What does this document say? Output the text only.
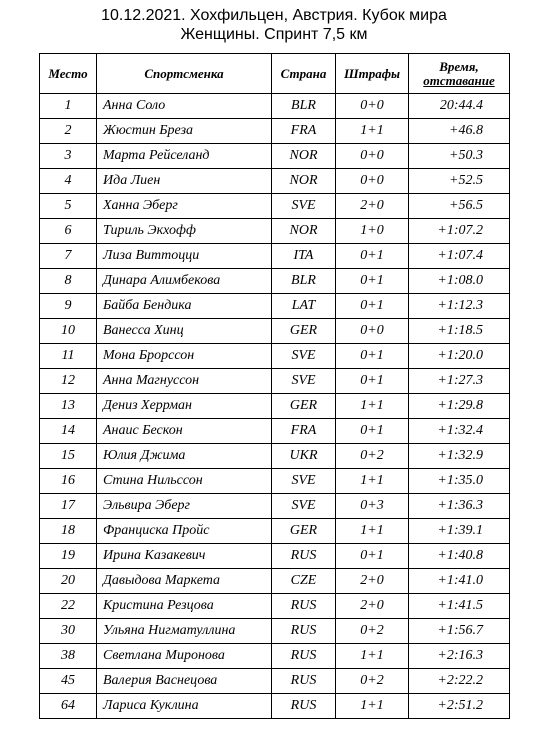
10.12.2021. Хохфильцен, Австрия. Кубок мира
Женщины. Спринт 7,5 км
Место	Спортсменка	Страна	Штрафы	Время,
отставание

1	Анна Соло	BLR	0+0	20:44.4
2	Жюстин Бреза	FRA	1+1	+46.8
3	Марта Рейселанд	NOR	0+0	+50.3
4	Ида Лиен	NOR	0+0	+52.5
5	Ханна Эберг	SVE	2+0	+56.5
6	Тириль Экхофф	NOR	1+0	+1:07.2
7	Лиза Виттоцци	ITA	0+1	+1:07.4
8	Динара Алимбекова	BLR	0+1	+1:08.0
9	Байба Бендика	LAT	0+1	+1:12.3
10	Ванесса Хинц	GER	0+0	+1:18.5
11	Мона Брорссон	SVE	0+1	+1:20.0
12	Анна Магнуссон	SVE	0+1	+1:27.3
13	Дениз Херрман	GER	1+1	+1:29.8
14	Анаис Бескон	FRA	0+1	+1:32.4
15	Юлия Джима	UKR	0+2	+1:32.9
16	Стина Нильссон	SVE	1+1	+1:35.0
17	Эльвира Эберг	SVE	0+3	+1:36.3
18	Франциска Пройс	GER	1+1	+1:39.1
19	Ирина Казакевич	RUS	0+1	+1:40.8
20	Давыдова Маркета	CZE	2+0	+1:41.0
22	Кристина Резцова	RUS	2+0	+1:41.5
30	Ульяна Нигматуллина	RUS	0+2	+1:56.7
38	Светлана Миронова	RUS	1+1	+2:16.3
45	Валерия Васнецова	RUS	0+2	+2:22.2
64	Лариса Куклина	RUS	1+1	+2:51.2
